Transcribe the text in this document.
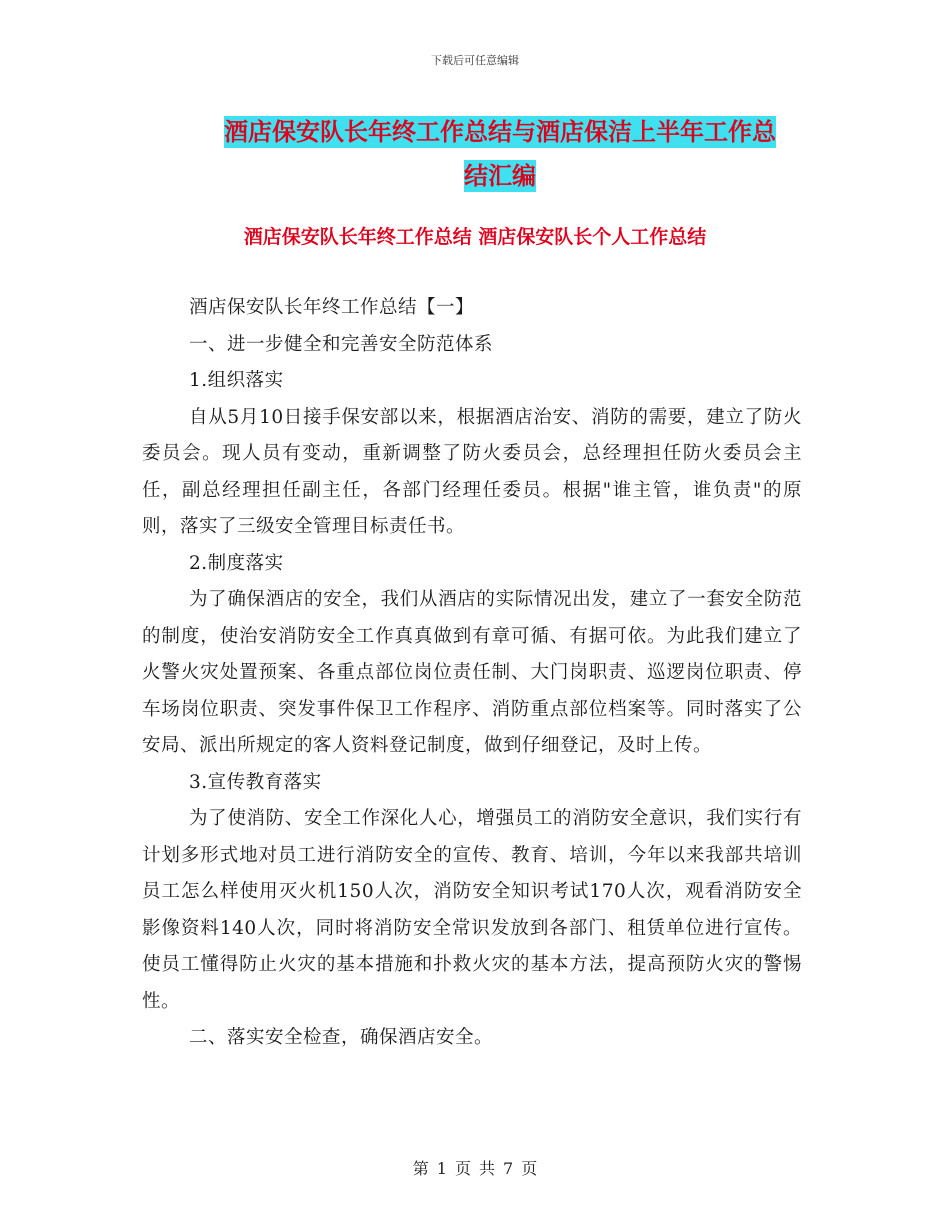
下载后可任意编辑
酒店保安队长年终工作总结与酒店保洁上半年工作总
结汇编
酒店保安队长年终工作总结 酒店保安队长个人工作总结

酒店保安队长年终工作总结【一】

一、进一步健全和完善安全防范体系

1.组织落实

自从5月10日接手保安部以来，根据酒店治安、消防的需要，建立了防火委员会。现人员有变动，重新调整了防火委员会，总经理担任防火委员会主任，副总经理担任副主任，各部门经理任委员。根据"谁主管，谁负责"的原则，落实了三级安全管理目标责任书。

2.制度落实

为了确保酒店的安全，我们从酒店的实际情况出发，建立了一套安全防范的制度，使治安消防安全工作真真做到有章可循、有据可依。为此我们建立了火警火灾处置预案、各重点部位岗位责任制、大门岗职责、巡逻岗位职责、停车场岗位职责、突发事件保卫工作程序、消防重点部位档案等。同时落实了公安局、派出所规定的客人资料登记制度，做到仔细登记，及时上传。

3.宣传教育落实

为了使消防、安全工作深化人心，增强员工的消防安全意识，我们实行有计划多形式地对员工进行消防安全的宣传、教育、培训，今年以来我部共培训员工怎么样使用灭火机150人次，消防安全知识考试170人次，观看消防安全影像资料140人次，同时将消防安全常识发放到各部门、租赁单位进行宣传。使员工懂得防止火灾的基本措施和扑救火灾的基本方法，提高预防火灾的警惕性。

二、落实安全检查，确保酒店安全。

第 1 页 共 7 页
